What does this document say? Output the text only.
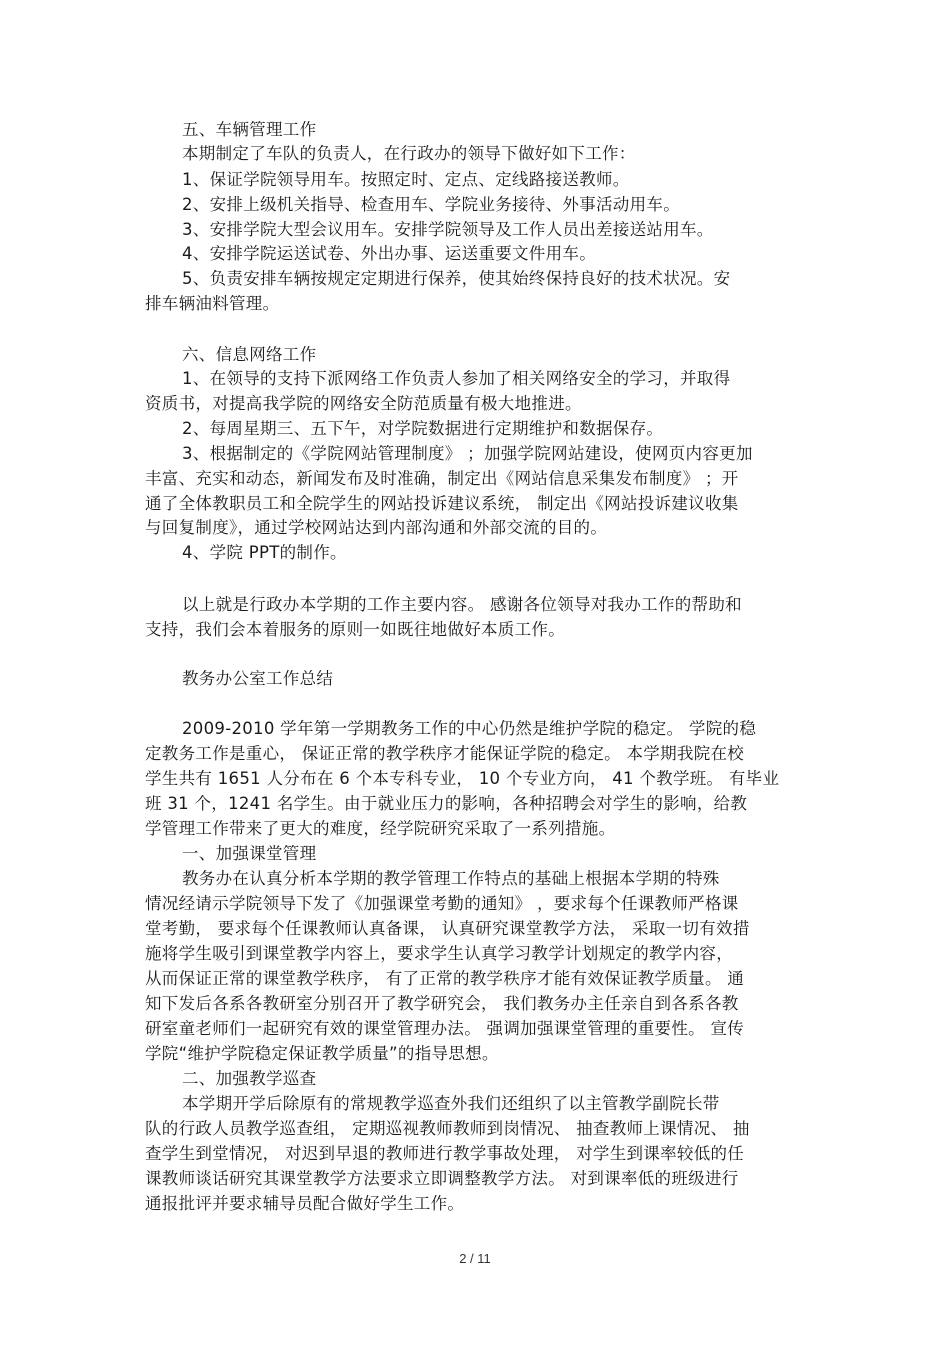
五、车辆管理工作
本期制定了车队的负责人，在行政办的领导下做好如下工作：
1、保证学院领导用车。按照定时、定点、定线路接送教师。
2、安排上级机关指导、检查用车、学院业务接待、外事活动用车。
3、安排学院大型会议用车。安排学院领导及工作人员出差接送站用车。
4、安排学院运送试卷、外出办事、运送重要文件用车。
5、负责安排车辆按规定定期进行保养，使其始终保持良好的技术状况。安
排车辆油料管理。
六、信息网络工作
1、在领导的支持下派网络工作负责人参加了相关网络安全的学习，并取得
资质书，对提高我学院的网络安全防范质量有极大地推进。
2、每周星期三、五下午，对学院数据进行定期维护和数据保存。
3、根据制定的《学院网站管理制度》 ；加强学院网站建设，使网页内容更加
丰富、充实和动态，新闻发布及时准确，制定出《网站信息采集发布制度》 ；开
通了全体教职员工和全院学生的网站投诉建议系统， 制定出《网站投诉建议收集
与回复制度》，通过学校网站达到内部沟通和外部交流的目的。
4、学院 PPT的制作。
以上就是行政办本学期的工作主要内容。 感谢各位领导对我办工作的帮助和
支持，我们会本着服务的原则一如既往地做好本质工作。
教务办公室工作总结
2009-2010 学年第一学期教务工作的中心仍然是维护学院的稳定。 学院的稳
定教务工作是重心， 保证正常的教学秩序才能保证学院的稳定。 本学期我院在校
学生共有 1651 人分布在 6 个本专科专业， 10 个专业方向， 41 个教学班。 有毕业
班 31 个，1241 名学生。由于就业压力的影响，各种招聘会对学生的影响，给教
学管理工作带来了更大的难度，经学院研究采取了一系列措施。
一、加强课堂管理
教务办在认真分析本学期的教学管理工作特点的基础上根据本学期的特殊
情况经请示学院领导下发了《加强课堂考勤的通知》 ，要求每个任课教师严格课
堂考勤， 要求每个任课教师认真备课， 认真研究课堂教学方法， 采取一切有效措
施将学生吸引到课堂教学内容上，要求学生认真学习教学计划规定的教学内容，
从而保证正常的课堂教学秩序， 有了正常的教学秩序才能有效保证教学质量。 通
知下发后各系各教研室分别召开了教学研究会， 我们教务办主任亲自到各系各教
研室童老师们一起研究有效的课堂管理办法。 强调加强课堂管理的重要性。 宣传
学院“维护学院稳定保证教学质量”的指导思想。
二、加强教学巡查
本学期开学后除原有的常规教学巡查外我们还组织了以主管教学副院长带
队的行政人员教学巡查组， 定期巡视教师教师到岗情况、 抽查教师上课情况、 抽
查学生到堂情况， 对迟到早退的教师进行教学事故处理， 对学生到课率较低的任
课教师谈话研究其课堂教学方法要求立即调整教学方法。 对到课率低的班级进行
通报批评并要求辅导员配合做好学生工作。
2 / 11
